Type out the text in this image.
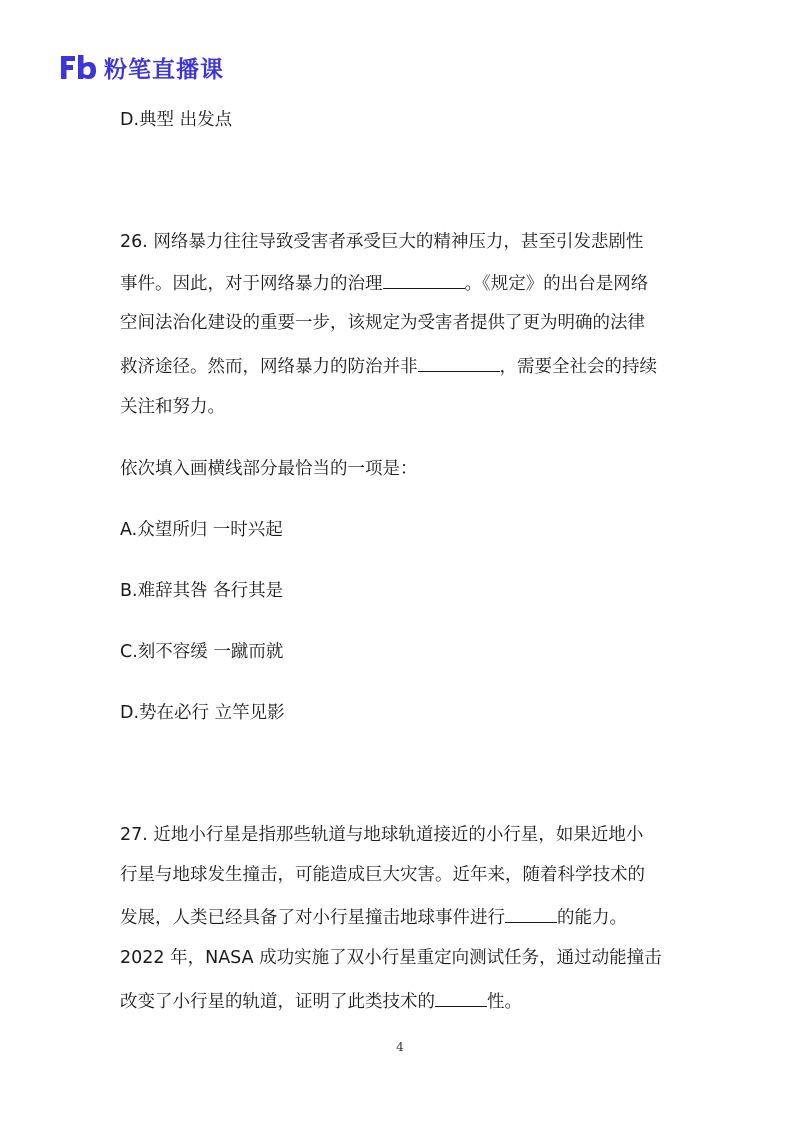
粉笔直播课
D.典型 出发点
26. 网络暴力往往导致受害者承受巨大的精神压力，甚至引发悲剧性
事件。因此，对于网络暴力的治理	。《规定》的出台是网络
空间法治化建设的重要一步，该规定为受害者提供了更为明确的法律
救济途径。然而，网络暴力的防治并非	，需要全社会的持续
关注和努力。
依次填入画横线部分最恰当的一项是：
A.众望所归 一时兴起
B.难辞其咎 各行其是
C.刻不容缓 一蹴而就
D.势在必行 立竿见影
27. 近地小行星是指那些轨道与地球轨道接近的小行星，如果近地小
行星与地球发生撞击，可能造成巨大灾害。近年来，随着科学技术的
发展，人类已经具备了对小行星撞击地球事件进行	的能力。
2022 年，NASA 成功实施了双小行星重定向测试任务，通过动能撞击
改变了小行星的轨道，证明了此类技术的	性。
4
